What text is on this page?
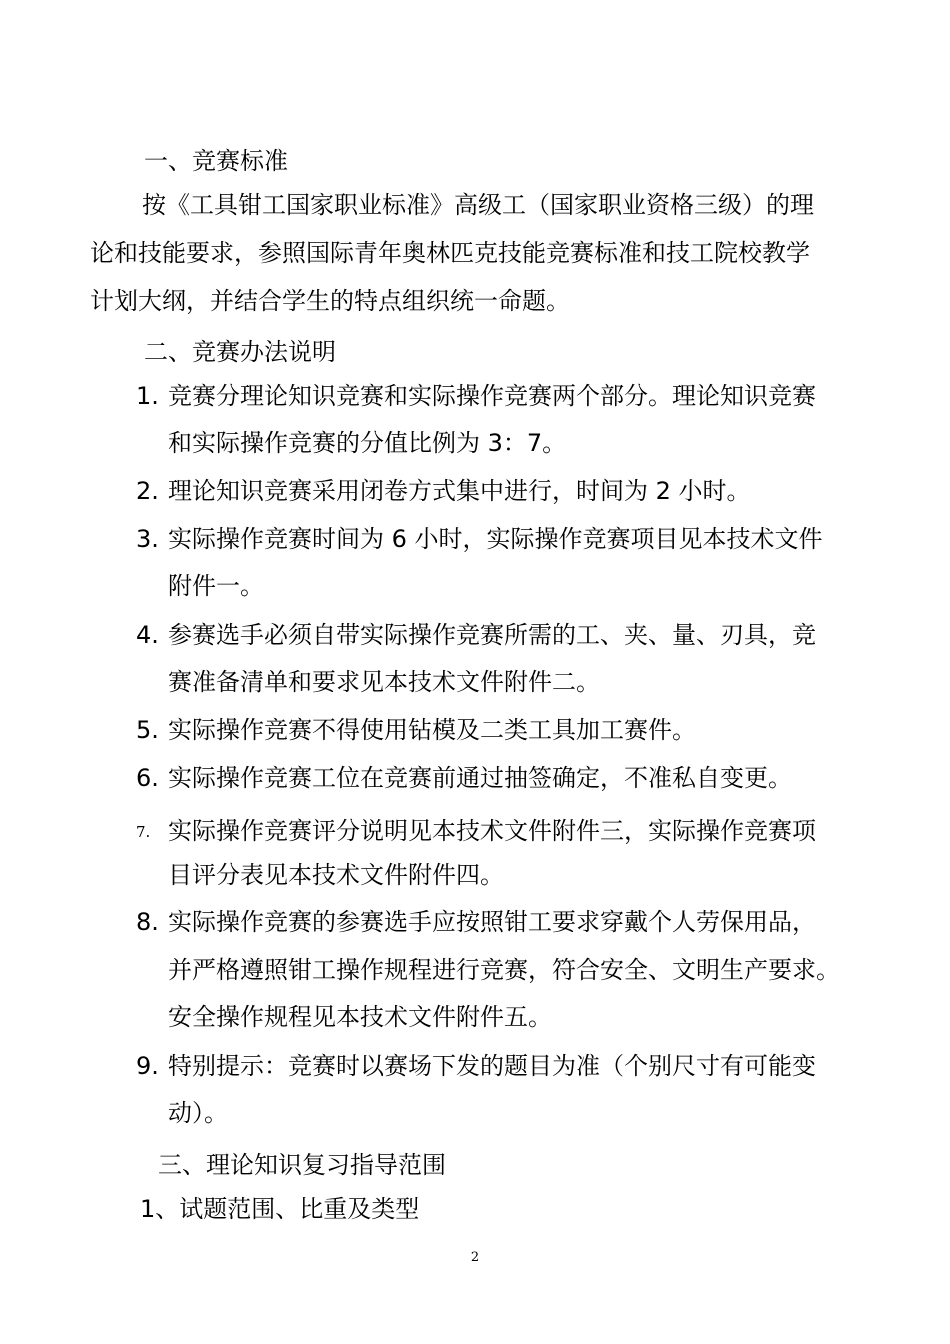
一、竞赛标准
按《工具钳工国家职业标准》高级工（国家职业资格三级）的理
论和技能要求，参照国际青年奥林匹克技能竞赛标准和技工院校教学
计划大纲，并结合学生的特点组织统一命题。
二、竞赛办法说明
1. 竞赛分理论知识竞赛和实际操作竞赛两个部分。理论知识竞赛
和实际操作竞赛的分值比例为 3：7。
2. 理论知识竞赛采用闭卷方式集中进行，时间为 2 小时。
3. 实际操作竞赛时间为 6 小时，实际操作竞赛项目见本技术文件
附件一。
4. 参赛选手必须自带实际操作竞赛所需的工、夹、量、刃具，竞
赛准备清单和要求见本技术文件附件二。
5. 实际操作竞赛不得使用钻模及二类工具加工赛件。
6. 实际操作竞赛工位在竞赛前通过抽签确定，不准私自变更。
7. 实际操作竞赛评分说明见本技术文件附件三，实际操作竞赛项
目评分表见本技术文件附件四。
8. 实际操作竞赛的参赛选手应按照钳工要求穿戴个人劳保用品，
并严格遵照钳工操作规程进行竞赛，符合安全、文明生产要求。
安全操作规程见本技术文件附件五。
9. 特别提示：竞赛时以赛场下发的题目为准（个别尺寸有可能变
动）。
三、理论知识复习指导范围
1、试题范围、比重及类型
2
